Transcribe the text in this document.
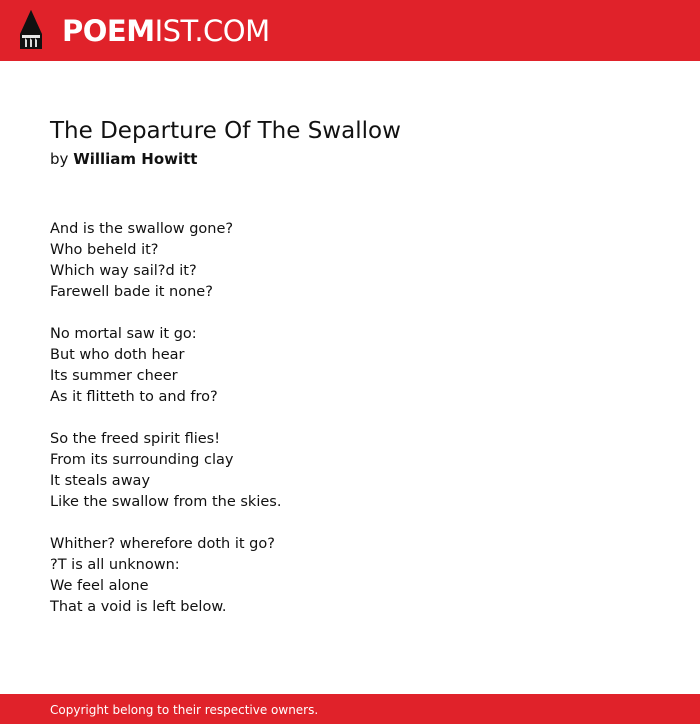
POEMIST.COM
The Departure Of The Swallow
by William Howitt
And is the swallow gone?
Who beheld it?
Which way sail?d it?
Farewell bade it none?
No mortal saw it go:
But who doth hear
Its summer cheer
As it flitteth to and fro?
So the freed spirit flies!
From its surrounding clay
It steals away
Like the swallow from the skies.
Whither? wherefore doth it go?
?T is all unknown:
We feel alone
That a void is left below.
Copyright belong to their respective owners.
